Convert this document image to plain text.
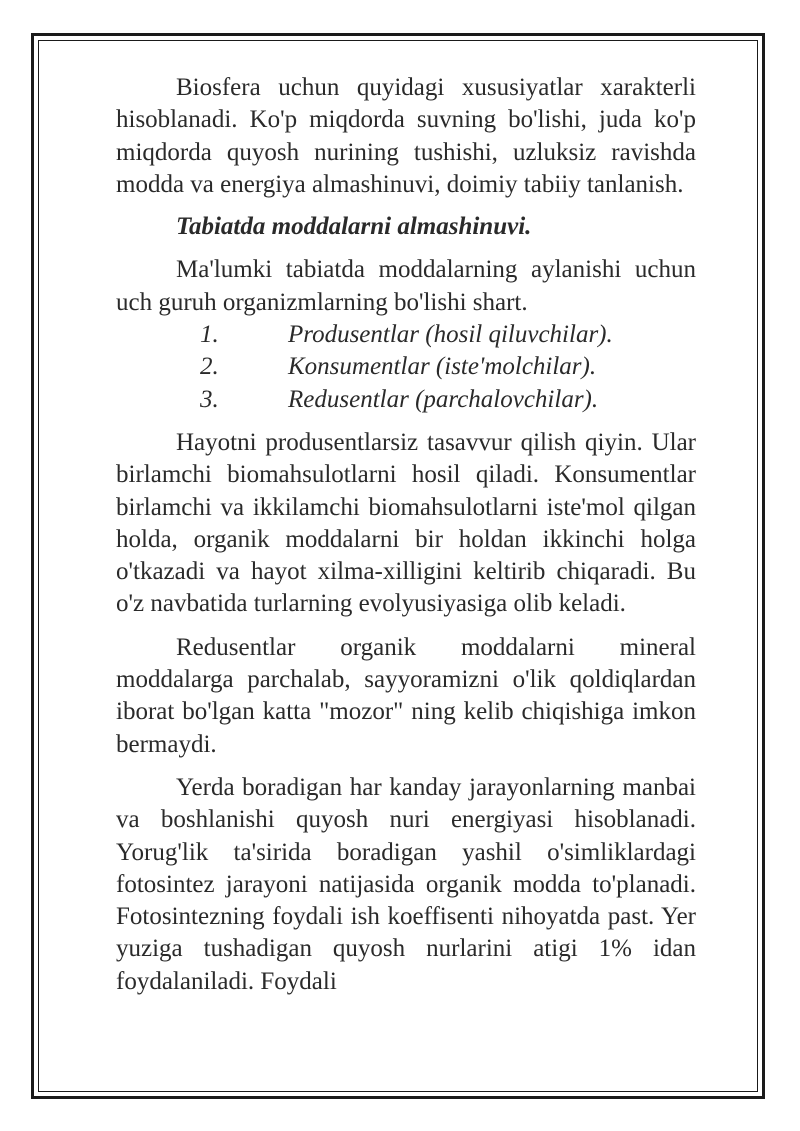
Biosfera uchun quyidagi xususiyatlar xarakterli hisoblanadi. Ko'p miqdorda suvning bo'lishi, juda ko'p miqdorda quyosh nurining tushishi, uzluksiz ravishda modda va energiya almashinuvi, doimiy tabiiy tanlanish.

Tabiatda moddalarni almashinuvi.

Ma'lumki tabiatda moddalarning aylanishi uchun uch guruh organizmlarning bo'lishi shart.

1.	Produsentlar (hosil qiluvchilar).
2.	Konsumentlar (iste'molchilar).
3.	Redusentlar (parchalovchilar).

Hayotni produsentlarsiz tasavvur qilish qiyin. Ular birlamchi biomahsulotlarni hosil qiladi. Konsumentlar birlamchi va ikkilamchi biomahsulotlarni iste'mol qilgan holda, organik moddalarni bir holdan ikkinchi holga o'tkazadi va hayot xilma-xilligini keltirib chiqaradi. Bu o'z navbatida turlarning evolyusiyasiga olib keladi.

Redusentlar organik moddalarni mineral moddalarga parchalab, sayyoramizni o'lik qoldiqlardan iborat bo'lgan katta "mozor" ning kelib chiqishiga imkon bermaydi.

Yerda boradigan har kanday jarayonlarning manbai va boshlanishi quyosh nuri energiyasi hisoblanadi. Yorug'lik ta'sirida boradigan yashil o'simliklardagi fotosintez jarayoni natijasida organik modda to'planadi. Fotosintezning foydali ish koeffisenti nihoyatda past. Yer yuziga tushadigan quyosh nurlarini atigi 1% idan foydalaniladi. Foydali
